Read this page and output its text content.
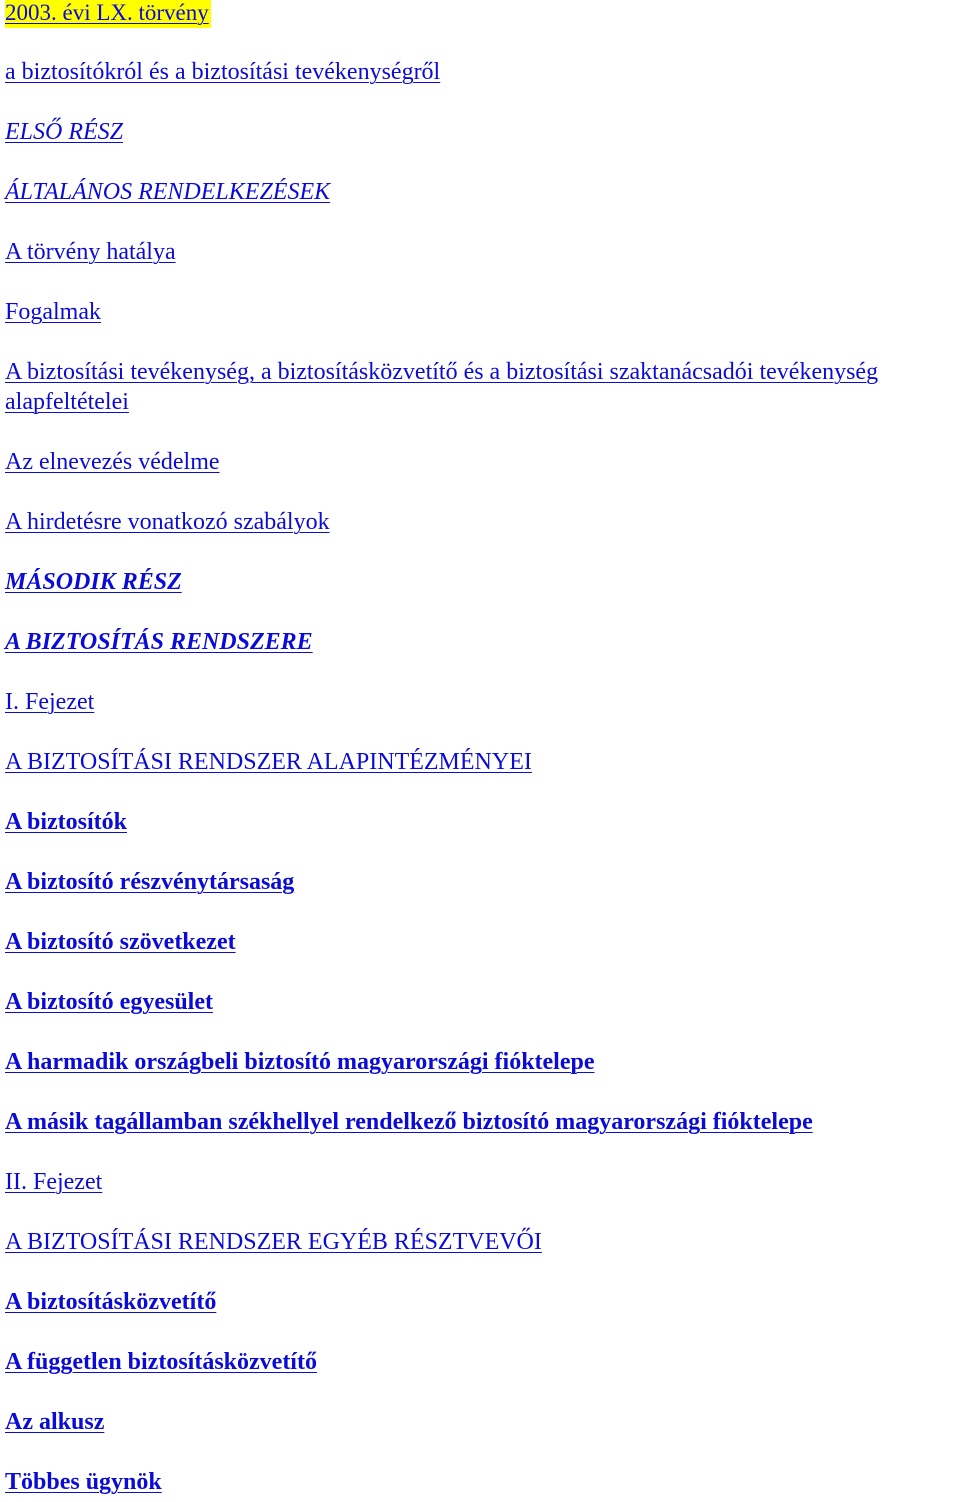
2003. évi LX. törvény
a biztosítókról és a biztosítási tevékenységről
ELSŐ RÉSZ
ÁLTALÁNOS RENDELKEZÉSEK
A törvény hatálya
Fogalmak
A biztosítási tevékenység, a biztosításközvetítő és a biztosítási szaktanácsadói tevékenység alapfeltételei
Az elnevezés védelme
A hirdetésre vonatkozó szabályok
MÁSODIK RÉSZ
A BIZTOSÍTÁS RENDSZERE
I. Fejezet
A BIZTOSÍTÁSI RENDSZER ALAPINTÉZMÉNYEI
A biztosítók
A biztosító részvénytársaság
A biztosító szövetkezet
A biztosító egyesület
A harmadik országbeli biztosító magyarországi fióktelepe
A másik tagállamban székhellyel rendelkező biztosító magyarországi fióktelepe
II. Fejezet
A BIZTOSÍTÁSI RENDSZER EGYÉB RÉSZTVEVŐI
A biztosításközvetítő
A független biztosításközvetítő
Az alkusz
Többes ügynök
